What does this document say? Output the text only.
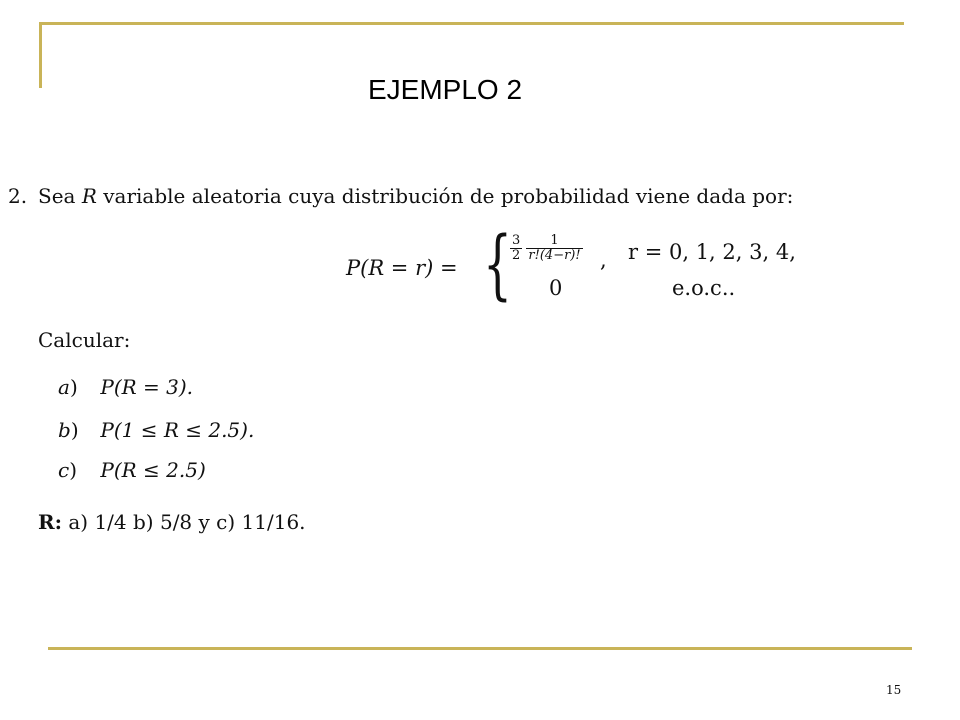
EJEMPLO 2
2. Sea R variable aleatoria cuya distribución de probabilidad viene dada por:
P(R = r) = {
$\frac{3}{2}$
$\frac{1}{r!(4-r)!}$ , r = 0, 1, 2, 3, 4,
0	e.o.c..
Calcular:
a) P(R = 3).
b) P(1 ≤ R ≤ 2.5).
c) P(R ≤ 2.5)
R: a) 1/4 b) 5/8 y c) 11/16.
15
